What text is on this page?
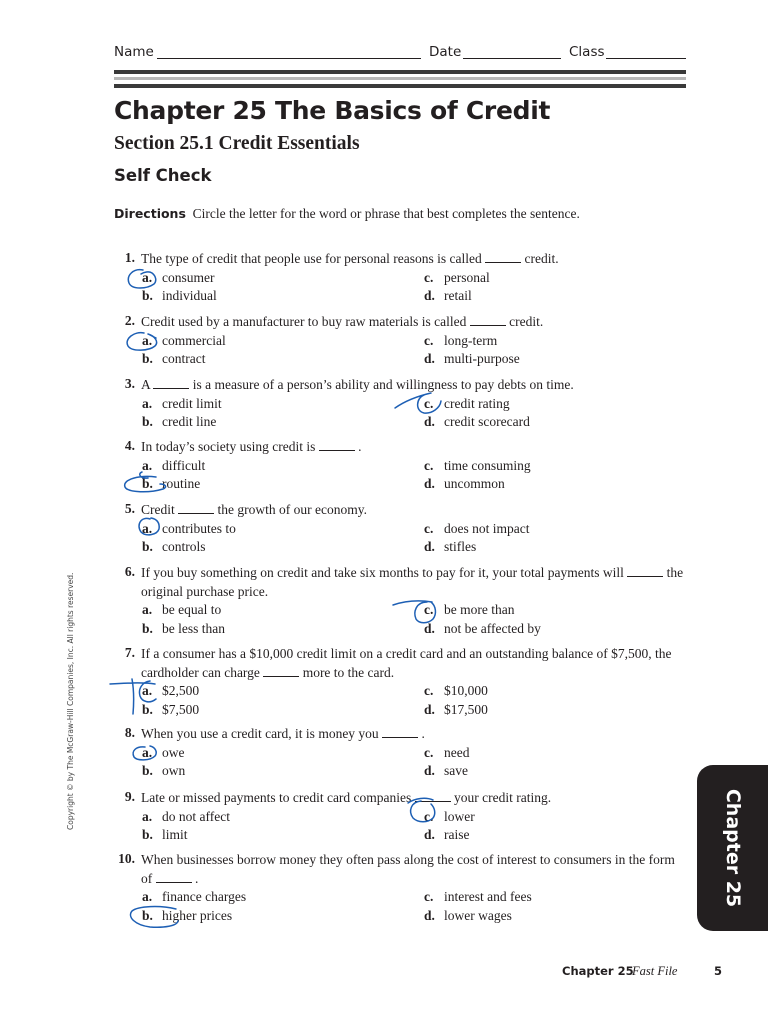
Name	Date	Class
Chapter 25 The Basics of Credit
Section 25.1 Credit Essentials
Self Check
Directions Circle the letter for the word or phrase that best completes the sentence.
1. The type of credit that people use for personal reasons is called	credit.
a. consumer
b. individual
c. personal
d. retail
2. Credit used by a manufacturer to buy raw materials is called	credit.
a. commercial
b. contract
c. long-term
d. multi-purpose
3. A	is a measure of a person’s ability and willingness to pay debts on time.
a. credit limit
b. credit line
c. credit rating
d. credit scorecard
4. In today’s society using credit is	.
a. difficult
b. routine
c. time consuming
d. uncommon
5. Credit	the growth of our economy.
a. contributes to
b. controls
c. does not impact
d. stifles
6. If you buy something on credit and take six months to pay for it, your total payments will	the original purchase price.
a. be equal to
b. be less than
c. be more than
d. not be affected by
7. If a consumer has a $10,000 credit limit on a credit card and an outstanding balance of $7,500, the cardholder can charge	more to the card.
a. $2,500
b. $7,500
c. $10,000
d. $17,500
8. When you use a credit card, it is money you	.
a. owe
b. own
c. need
d. save
9. Late or missed payments to credit card companies	your credit rating.
a. do not affect
b. limit
c. lower
d. raise
10. When businesses borrow money they often pass along the cost of interest to consumers in the form of	.
a. finance charges
b. higher prices
c. interest and fees
d. lower wages
Copyright © by The McGraw-Hill Companies, Inc. All rights reserved.
Chapter 25
Chapter 25
Fast File	5
